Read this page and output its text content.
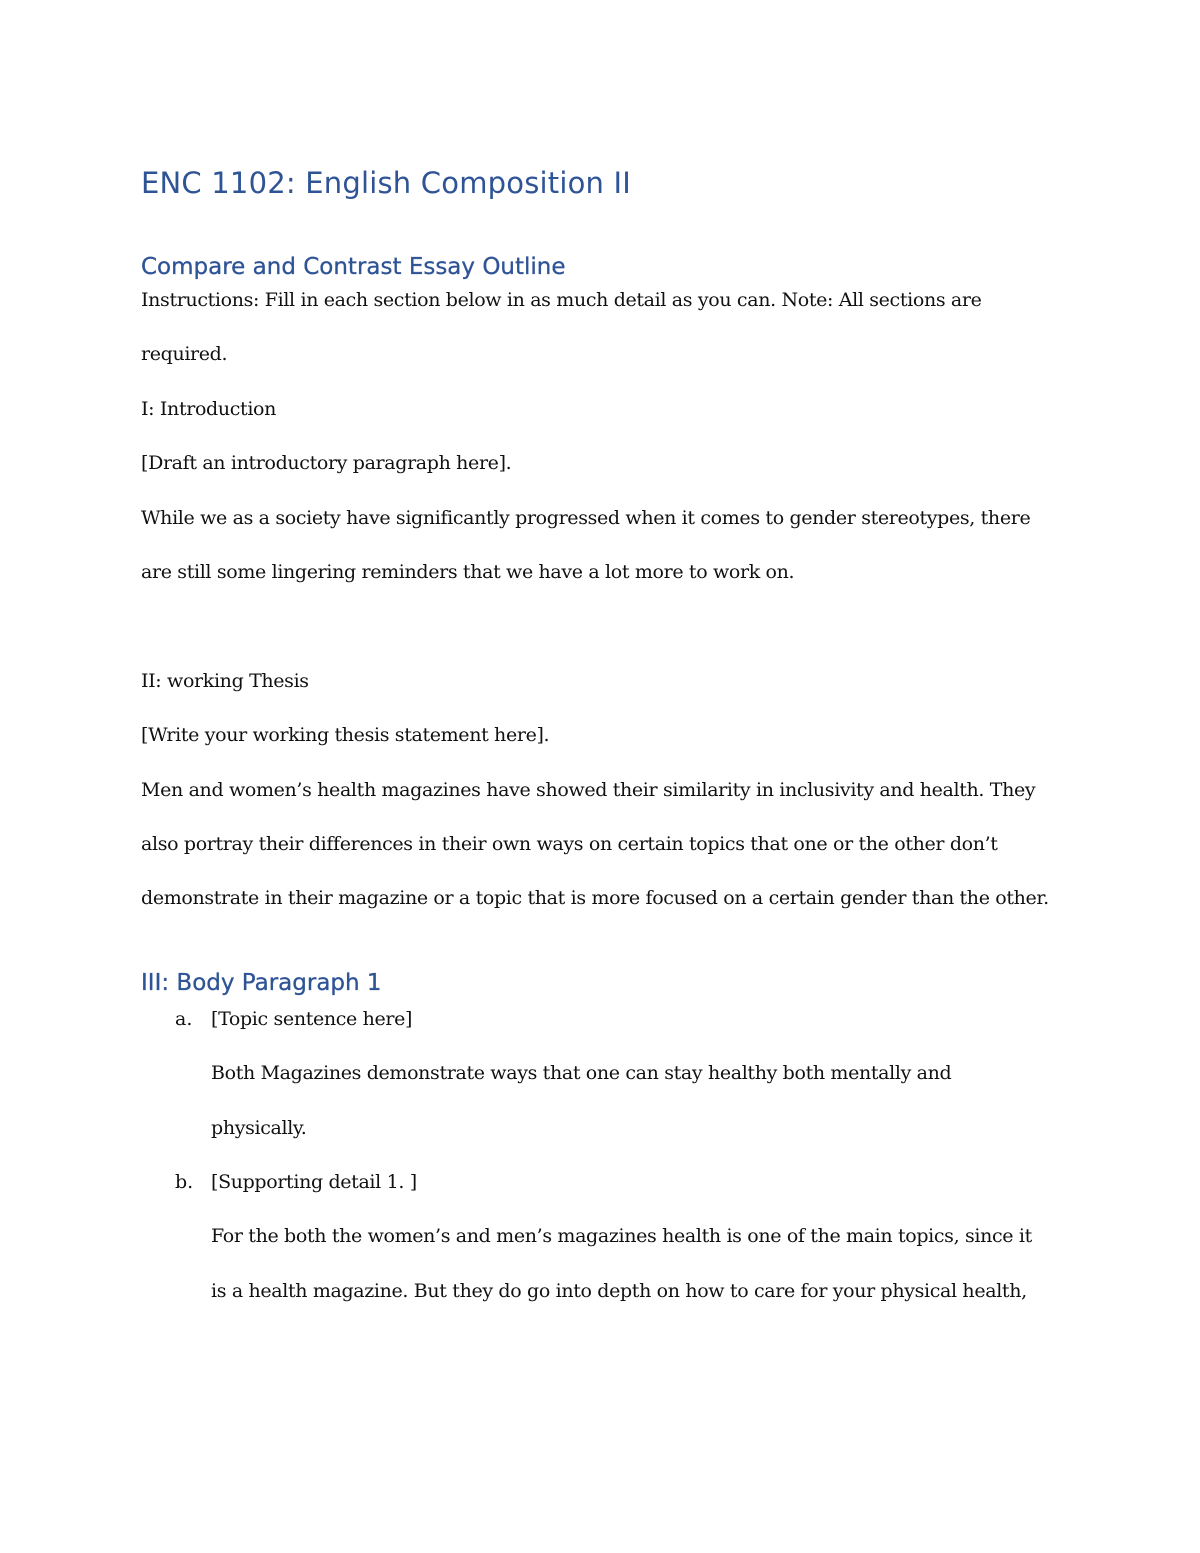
ENC 1102: English Composition II
Compare and Contrast Essay Outline

Instructions: Fill in each section below in as much detail as you can. Note: All sections are

required.

I: Introduction

[Draft an introductory paragraph here].

While we as a society have significantly progressed when it comes to gender stereotypes, there

are still some lingering reminders that we have a lot more to work on.

II: working Thesis

[Write your working thesis statement here].

Men and women’s health magazines have showed their similarity in inclusivity and health. They

also portray their differences in their own ways on certain topics that one or the other don’t

demonstrate in their magazine or a topic that is more focused on a certain gender than the other.

III: Body Paragraph 1
a. [Topic sentence here]

Both Magazines demonstrate ways that one can stay healthy both mentally and

physically.

b. [Supporting detail 1. ]

For the both the women’s and men’s magazines health is one of the main topics, since it

is a health magazine. But they do go into depth on how to care for your physical health,
